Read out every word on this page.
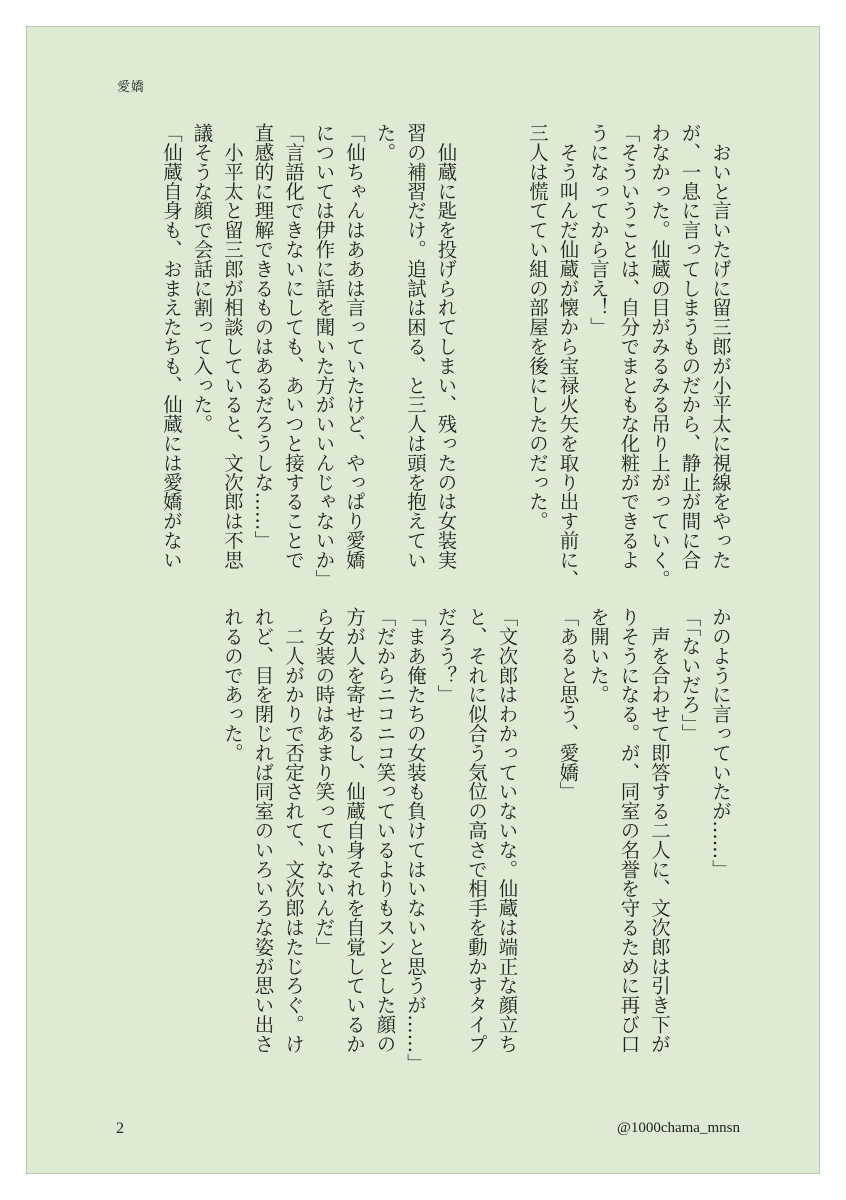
愛嬌
　おいと言いたげに留三郎が小平太に視線をやった
が、一息に言ってしまうものだから、静止が間に合
わなかった。仙蔵の目がみるみる吊り上がっていく。
「そういうことは、自分でまともな化粧ができるよ
うになってから言え！」
　そう叫んだ仙蔵が懐から宝禄火矢を取り出す前に、
三人は慌ててい組の部屋を後にしたのだった。
　仙蔵に匙を投げられてしまい、残ったのは女装実
習の補習だけ。追試は困る、と三人は頭を抱えてい
た。
「仙ちゃんはああは言っていたけど、やっぱり愛嬌
については伊作に話を聞いた方がいいんじゃないか」
「言語化できないにしても、あいつと接することで
直感的に理解できるものはあるだろうしな……」
　小平太と留三郎が相談していると、文次郎は不思
議そうな顔で会話に割って入った。
「仙蔵自身も、おまえたちも、仙蔵には愛嬌がない
かのように言っていたが……」
「「ないだろ」」
　声を合わせて即答する二人に、文次郎は引き下が
りそうになる。が、同室の名誉を守るために再び口
を開いた。
「あると思う、愛嬌」
「文次郎はわかっていないな。仙蔵は端正な顔立ち
と、それに似合う気位の高さで相手を動かすタイプ
だろう？」
「まあ俺たちの女装も負けてはいないと思うが……」
「だからニコニコ笑っているよりもスンとした顔の
方が人を寄せるし、仙蔵自身それを自覚しているか
ら女装の時はあまり笑っていないんだ」
　二人がかりで否定されて、文次郎はたじろぐ。け
れど、目を閉じれば同室のいろいろな姿が思い出さ
れるのであった。
2	@1000chama_mnsn
